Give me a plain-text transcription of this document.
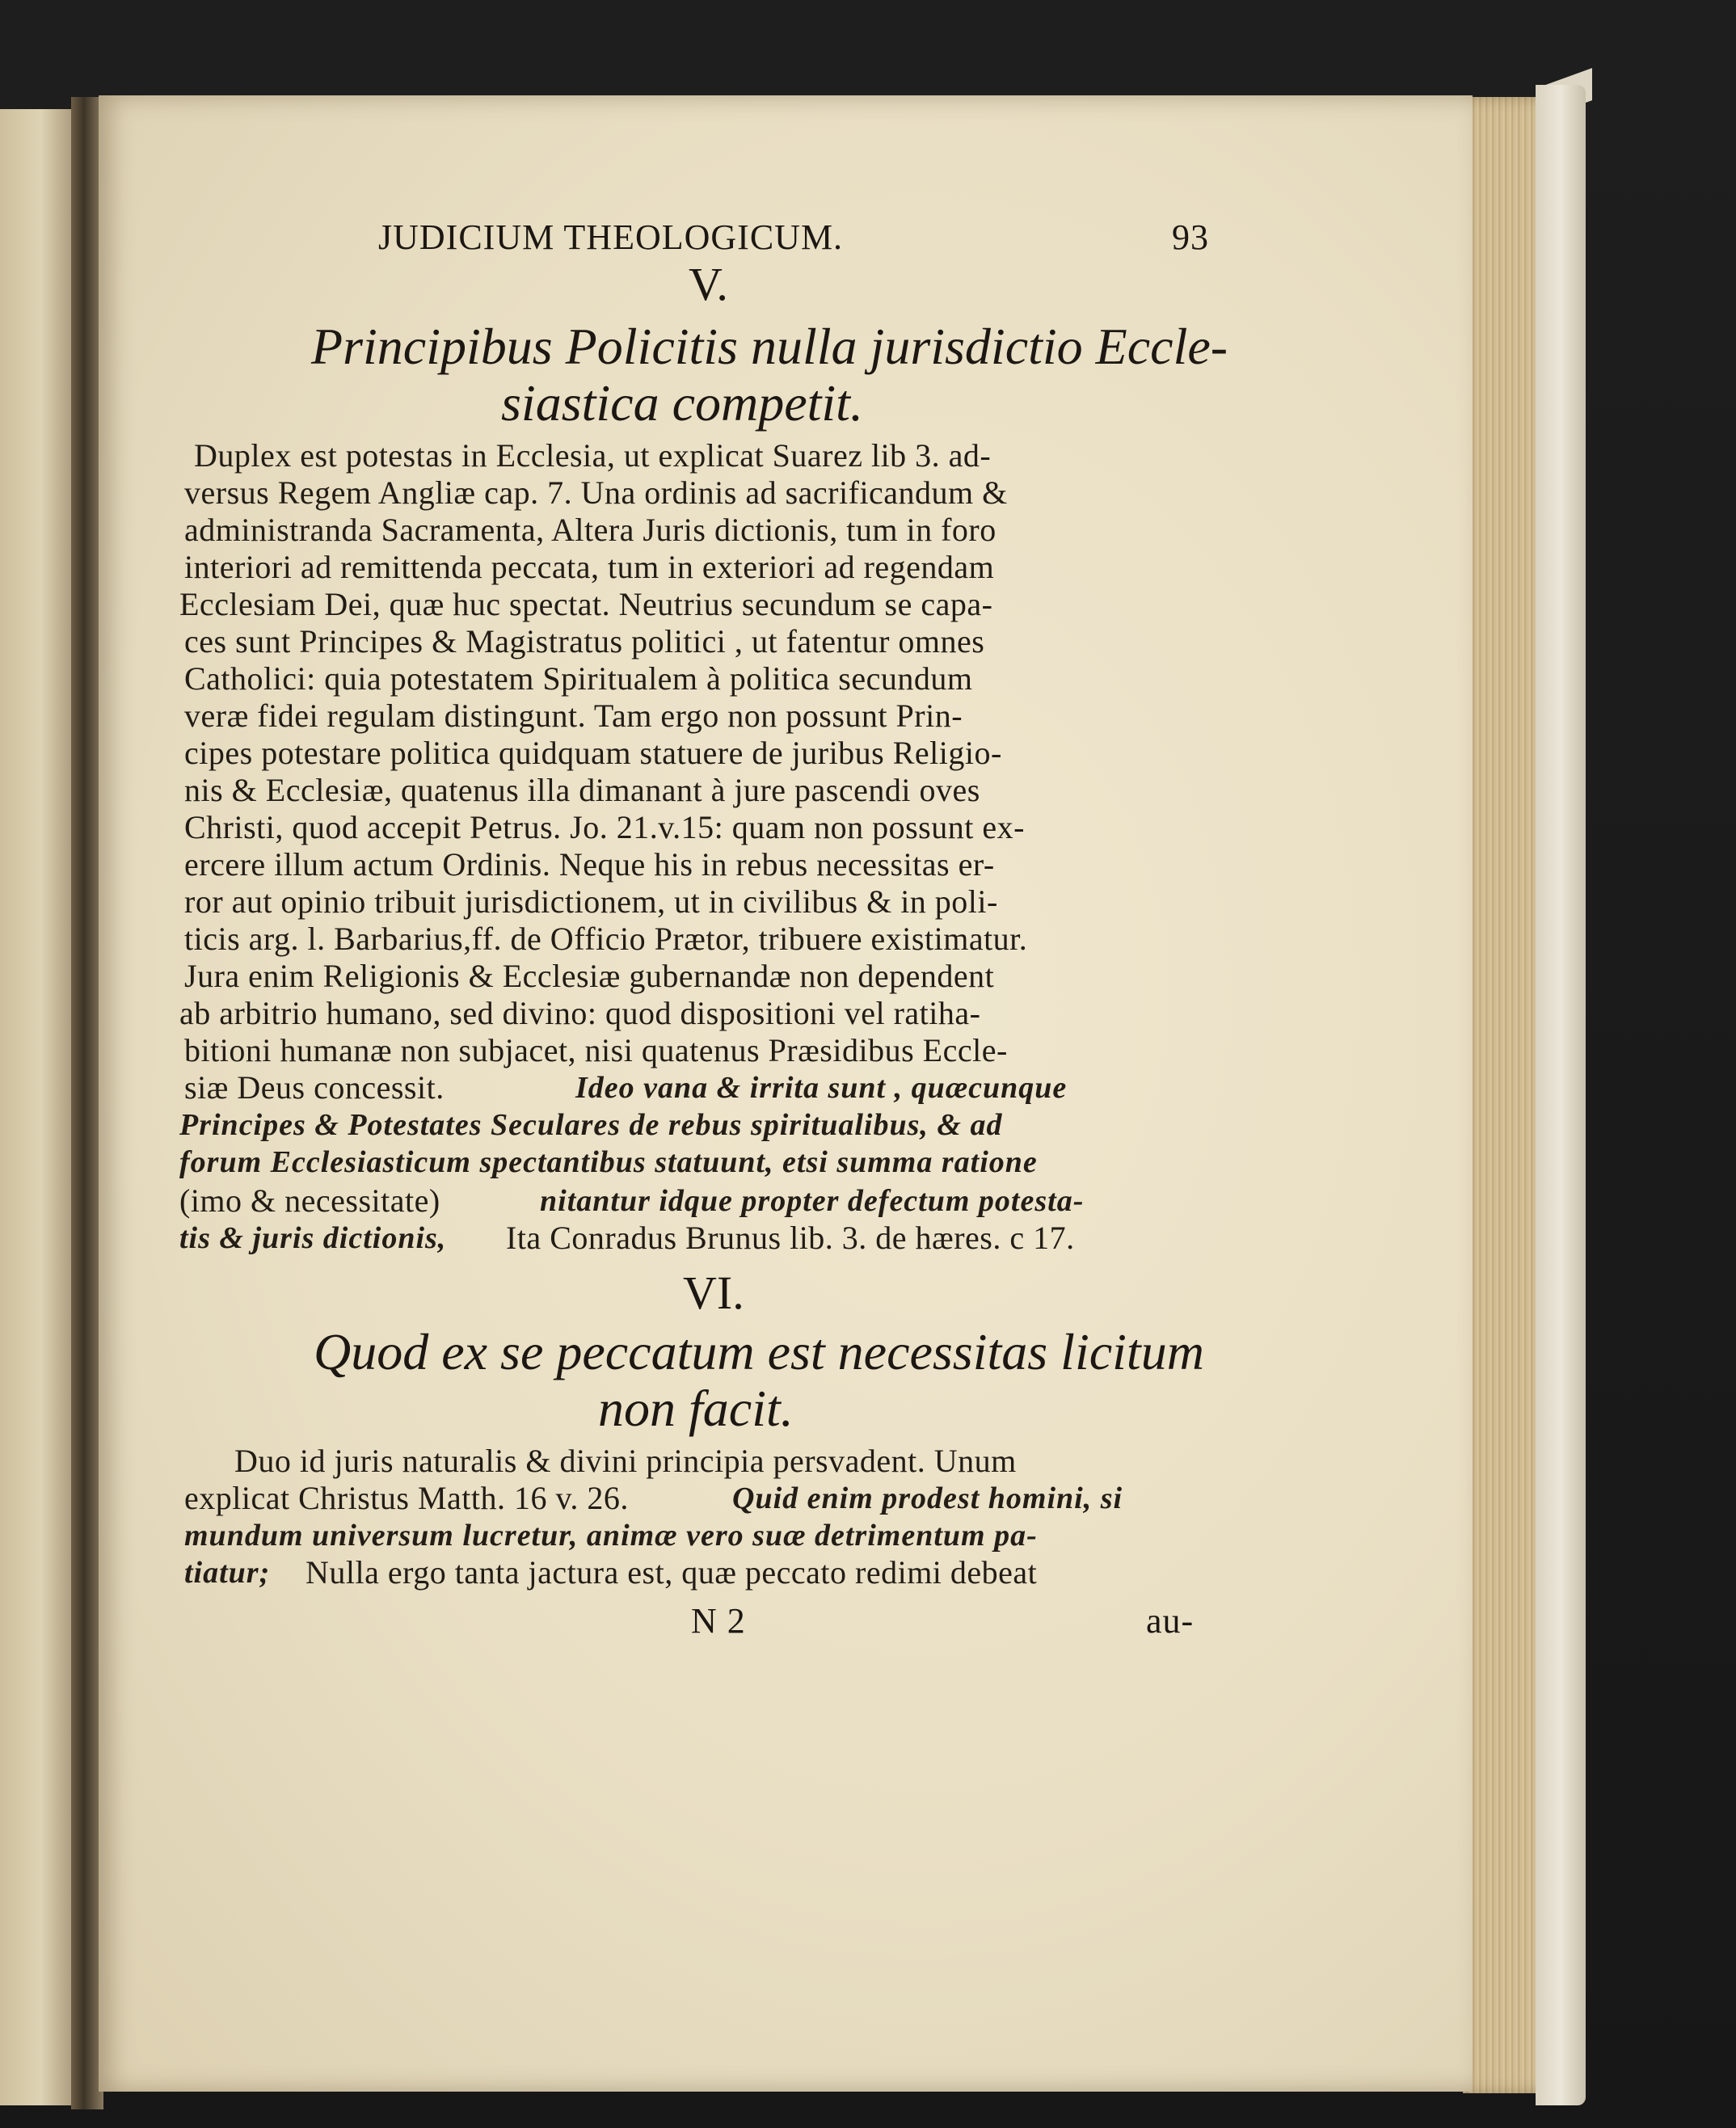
JUDICIUM THEOLOGICUM.	93
V.
Principibus Policitis nulla jurisdictio Eccle-
siastica competit.
Duplex est potestas in Ecclesia, ut explicat Suarez lib 3. ad-
versus Regem Angliæ cap. 7. Una ordinis ad sacrificandum &
administranda Sacramenta, Altera Juris dictionis, tum in foro
interiori ad remittenda peccata, tum in exteriori ad regendam
Ecclesiam Dei, quæ huc spectat. Neutrius secundum se capa-
ces sunt Principes & Magistratus politici , ut fatentur omnes
Catholici: quia potestatem Spiritualem à politica secundum
veræ fidei regulam distingunt. Tam ergo non possunt Prin-
cipes potestare politica quidquam statuere de juribus Religio-
nis & Ecclesiæ, quatenus illa dimanant à jure pascendi oves
Christi, quod accepit Petrus. Jo. 21.v.15: quam non possunt ex-
ercere illum actum Ordinis. Neque his in rebus necessitas er-
ror aut opinio tribuit jurisdictionem, ut in civilibus & in poli-
ticis arg. l. Barbarius,ff. de Officio Prætor, tribuere existimatur.
Jura enim Religionis & Ecclesiæ gubernandæ non dependent
ab arbitrio humano, sed divino: quod dispositioni vel ratiha-
bitioni humanæ non subjacet, nisi quatenus Præsidibus Eccle-
siæ Deus concessit.	Ideo vana & irrita sunt , quæcunque
Principes & Potestates Seculares de rebus spiritualibus, & ad
forum Ecclesiasticum spectantibus statuunt, etsi summa ratione
(imo & necessitate)	nitantur idque propter defectum potesta-
tis & juris dictionis, Ita Conradus Brunus lib. 3. de hæres. c 17.
VI.
Quod ex se peccatum est necessitas licitum
non facit.
Duo id juris naturalis & divini principia persvadent. Unum
explicat Christus Matth. 16 v. 26.	Quid enim prodest homini, si
mundum universum lucretur, animæ vero suæ detrimentum pa-
tiatur; Nulla ergo tanta jactura est, quæ peccato redimi debeat
N 2	au-
